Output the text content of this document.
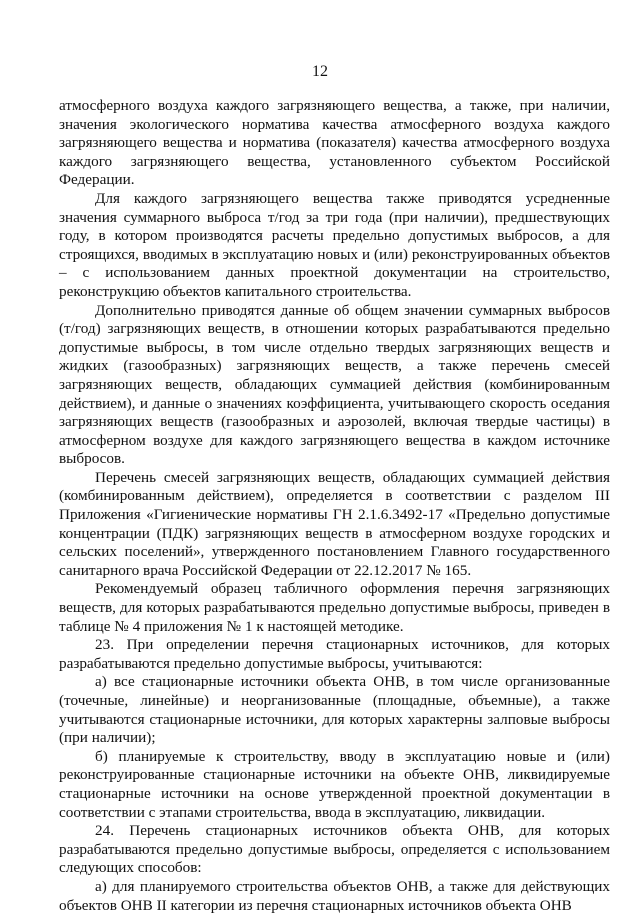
12

атмосферного воздуха каждого загрязняющего вещества, а также, при наличии, значения экологического норматива качества атмосферного воздуха каждого загрязняющего вещества и норматива (показателя) качества атмосферного воздуха каждого загрязняющего вещества, установленного субъектом Российской Федерации.

Для каждого загрязняющего вещества также приводятся усредненные значения суммарного выброса т/год за три года (при наличии), предшествующих году, в котором производятся расчеты предельно допустимых выбросов, а для строящихся, вводимых в эксплуатацию новых и (или) реконструированных объектов – с использованием данных проектной документации на строительство, реконструкцию объектов капитального строительства.

Дополнительно приводятся данные об общем значении суммарных выбросов (т/год) загрязняющих веществ, в отношении которых разрабатываются предельно допустимые выбросы, в том числе отдельно твердых загрязняющих веществ и жидких (газообразных) загрязняющих веществ, а также перечень смесей загрязняющих веществ, обладающих суммацией действия (комбинированным действием), и данные о значениях коэффициента, учитывающего скорость оседания загрязняющих веществ (газообразных и аэрозолей, включая твердые частицы) в атмосферном воздухе для каждого загрязняющего вещества в каждом источнике выбросов.

Перечень смесей загрязняющих веществ, обладающих суммацией действия (комбинированным действием), определяется в соответствии с разделом III Приложения «Гигиенические нормативы ГН 2.1.6.3492-17 «Предельно допустимые концентрации (ПДК) загрязняющих веществ в атмосферном воздухе городских и сельских поселений», утвержденного постановлением Главного государственного санитарного врача Российской Федерации от 22.12.2017 № 165.

Рекомендуемый образец табличного оформления перечня загрязняющих веществ, для которых разрабатываются предельно допустимые выбросы, приведен в таблице № 4 приложения № 1 к настоящей методике.

23. При определении перечня стационарных источников, для которых разрабатываются предельно допустимые выбросы, учитываются:

а) все стационарные источники объекта ОНВ, в том числе организованные (точечные, линейные) и неорганизованные (площадные, объемные), а также учитываются стационарные источники, для которых характерны залповые выбросы (при наличии);

б) планируемые к строительству, вводу в эксплуатацию новые и (или) реконструированные стационарные источники на объекте ОНВ, ликвидируемые стационарные источники на основе утвержденной проектной документации в соответствии с этапами строительства, ввода в эксплуатацию, ликвидации.

24. Перечень стационарных источников объекта ОНВ, для которых разрабатываются предельно допустимые выбросы, определяется с использованием следующих способов:

а) для планируемого строительства объектов ОНВ, а также для действующих объектов ОНВ II категории из перечня стационарных источников объекта ОНВ
